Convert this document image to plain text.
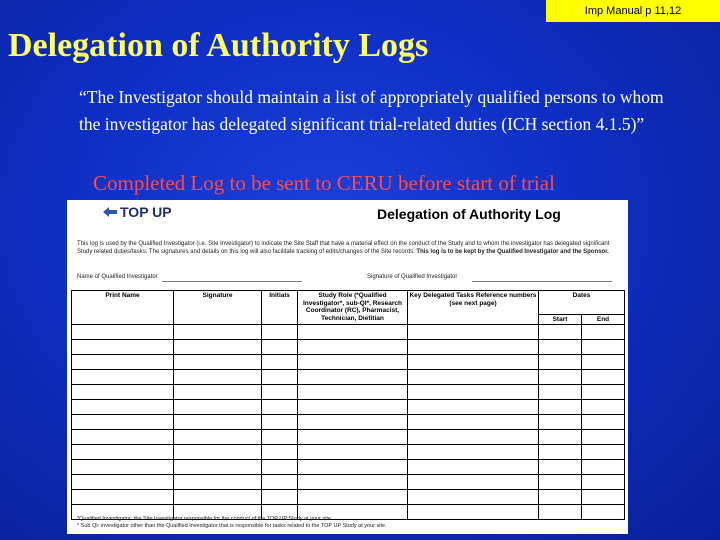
Imp Manual p 11,12
Delegation of Authority Logs
“The Investigator should maintain a list of appropriately qualified persons to whom the investigator has delegated significant trial-related duties (ICH section 4.1.5)”
Completed Log to be sent to CERU before start of trial
TOP UP	Delegation of Authority Log
This log is used by the Qualified Investigator (i.e. Site Investigator) to indicate the Site Staff that have a material effect on the conduct of the Study and to whom the investigator has delegated significant Study related duties/tasks. The signatures and details on this log will also facilitate tracking of edits/changes of the Site records. This log is to be kept by the Qualified Investigator and the Sponsor.
Name of Qualified Investigator	Signature of Qualified Investigator
Print Name	Signature	Initials	Study Role (*Qualified Investigator*, sub-QI*, Research Coordinator (RC), Pharmacist, Technician, Dietitian	Key Delegated Tasks Reference numbers (see next page)	Dates	
					Start	End

*Qualified Investigator: the Site Investigator responsible for the conduct of the TOP UP Study at your site
* Sub QI: investigator other than the Qualified Investigator that is responsible for tasks related to the TOP UP Study at your site.
